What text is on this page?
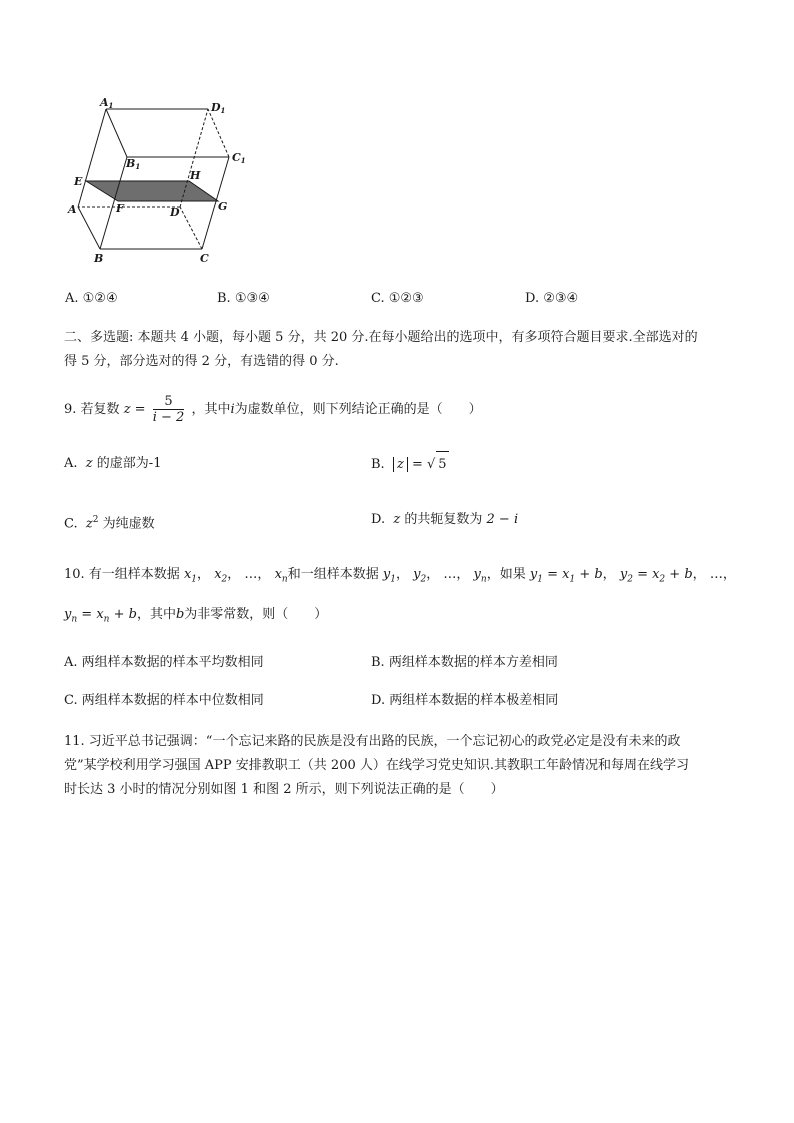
A1	D1
B1
C1
E	H
A	F	D	G
B	C
A. ①②④	B. ①③④	C. ①②③	D. ②③④
二、多选题: 本题共 4 小题，每小题 5 分，共 20 分.在每小题给出的选项中，有多项符合题目要求.全部选对的
得 5 分，部分选对的得 2 分，有选错的得 0 分.
9. 若复数 $z = \frac{5}{i - 2}$ ，其中i为虚数单位，则下列结论正确的是（　　）
A. z 的虚部为-1	B. z = √ 5
C. $z^2$ 为纯虚数	D. z 的共轭复数为 2 − i
10. 有一组样本数据 $x_1$， $x_2$， …， $x_n$和一组样本数据 $y_1$， $y_2$， …， $y_n$，如果 $y_1 = x_1 + b$， $y_2 = x_2 + b$， …，
$y_n = x_n + b$，其中b为非零常数，则（　　）
A. 两组样本数据的样本平均数相同	B. 两组样本数据的样本方差相同
C. 两组样本数据的样本中位数相同	D. 两组样本数据的样本极差相同
11. 习近平总书记强调：“一个忘记来路的民族是没有出路的民族，一个忘记初心的政党必定是没有未来的政
党”某学校利用学习强国 APP 安排教职工（共 200 人）在线学习党史知识.其教职工年龄情况和每周在线学习
时长达 3 小时的情况分别如图 1 和图 2 所示，则下列说法正确的是（　　）
